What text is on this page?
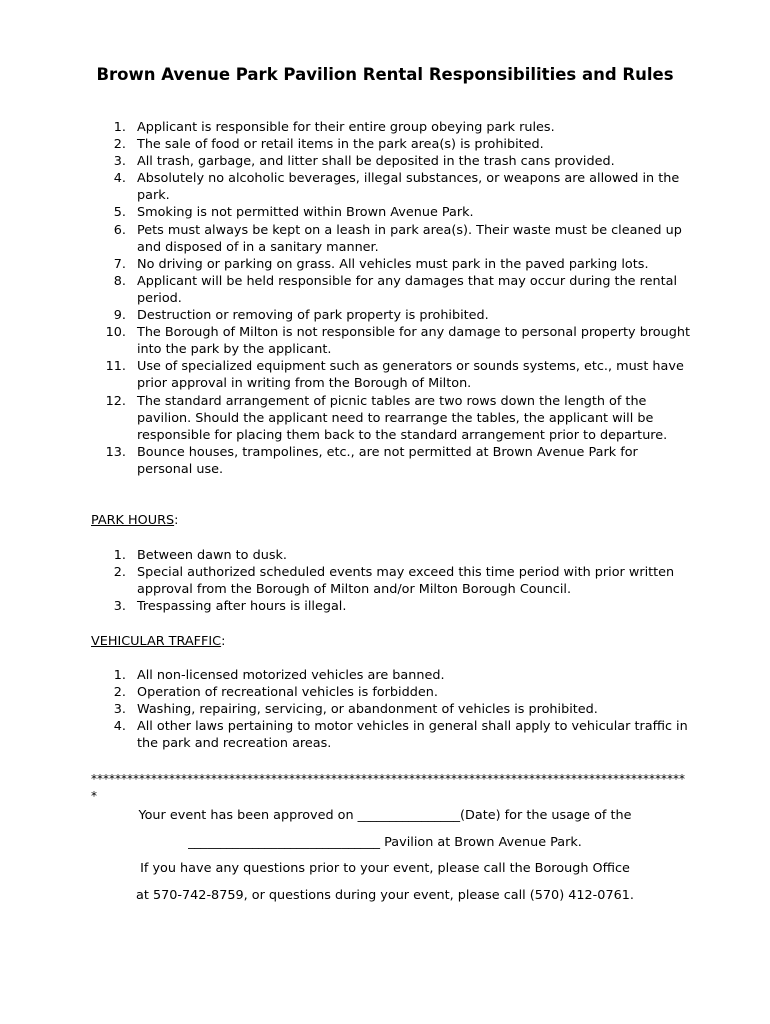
Brown Avenue Park Pavilion Rental Responsibilities and Rules
1. Applicant is responsible for their entire group obeying park rules.
2. The sale of food or retail items in the park area(s) is prohibited.
3. All trash, garbage, and litter shall be deposited in the trash cans provided.
4. Absolutely no alcoholic beverages, illegal substances, or weapons are allowed in the park.
5. Smoking is not permitted within Brown Avenue Park.
6. Pets must always be kept on a leash in park area(s). Their waste must be cleaned up and disposed of in a sanitary manner.
7. No driving or parking on grass. All vehicles must park in the paved parking lots.
8. Applicant will be held responsible for any damages that may occur during the rental period.
9. Destruction or removing of park property is prohibited.
10. The Borough of Milton is not responsible for any damage to personal property brought into the park by the applicant.
11. Use of specialized equipment such as generators or sounds systems, etc., must have prior approval in writing from the Borough of Milton.
12. The standard arrangement of picnic tables are two rows down the length of the pavilion. Should the applicant need to rearrange the tables, the applicant will be responsible for placing them back to the standard arrangement prior to departure.
13. Bounce houses, trampolines, etc., are not permitted at Brown Avenue Park for personal use.

PARK HOURS:

1. Between dawn to dusk.
2. Special authorized scheduled events may exceed this time period with prior written approval from the Borough of Milton and/or Milton Borough Council.
3. Trespassing after hours is illegal.

VEHICULAR TRAFFIC:

1. All non-licensed motorized vehicles are banned.
2. Operation of recreational vehicles is forbidden.
3. Washing, repairing, servicing, or abandonment of vehicles is prohibited.
4. All other laws pertaining to motor vehicles in general shall apply to vehicular traffic in the park and recreation areas.

****************************************************************************************************

Your event has been approved on ________________(Date) for the usage of the

______________________________ Pavilion at Brown Avenue Park.

If you have any questions prior to your event, please call the Borough Office

at 570-742-8759, or questions during your event, please call (570) 412-0761.
